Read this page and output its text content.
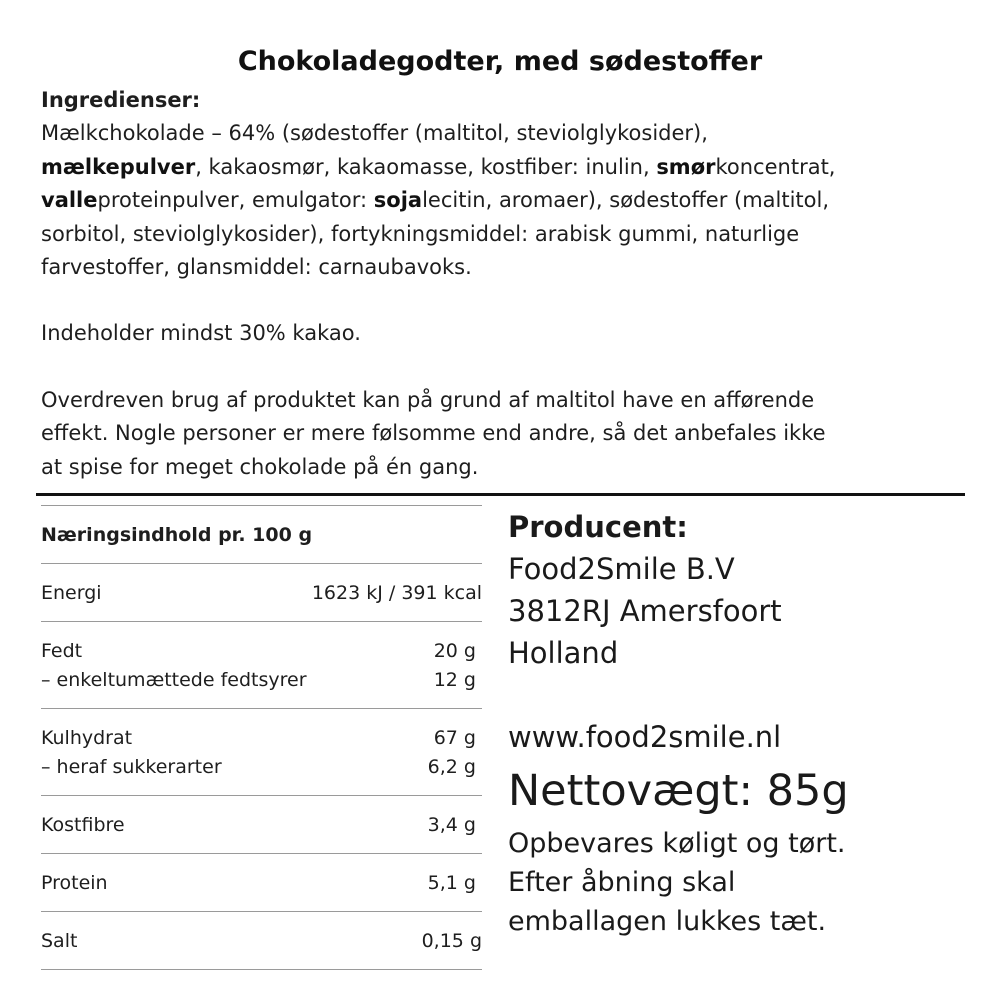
Chokoladegodter, med sødestoffer

Ingredienser:

Mælkchokolade – 64% (sødestoffer (maltitol, steviolglykosider),
mælkepulver, kakaosmør, kakaomasse, kostfiber: inulin, smørkoncentrat,
valleproteinpulver, emulgator: sojalecitin, aromaer), sødestoffer (maltitol,
sorbitol, steviolglykosider), fortykningsmiddel: arabisk gummi, naturlige
farvestoffer, glansmiddel: carnaubavoks.

Indeholder mindst 30% kakao.

Overdreven brug af produktet kan på grund af maltitol have en afførende
effekt. Nogle personer er mere følsomme end andre, så det anbefales ikke
at spise for meget chokolade på én gang.

Næringsindhold pr. 100 g
Energi	1623 kJ / 391 kcal
Fedt	20 g
– enkeltumættede fedtsyrer	12 g
Kulhydrat	67 g
– heraf sukkerarter	6,2 g
Kostfibre	3,4 g
Protein	5,1 g
Salt	0,15 g
Producent:
Food2Smile B.V
3812RJ Amersfoort
Holland
www.food2smile.nl
Nettovægt: 85g
Opbevares køligt og tørt.
Efter åbning skal
emballagen lukkes tæt.
